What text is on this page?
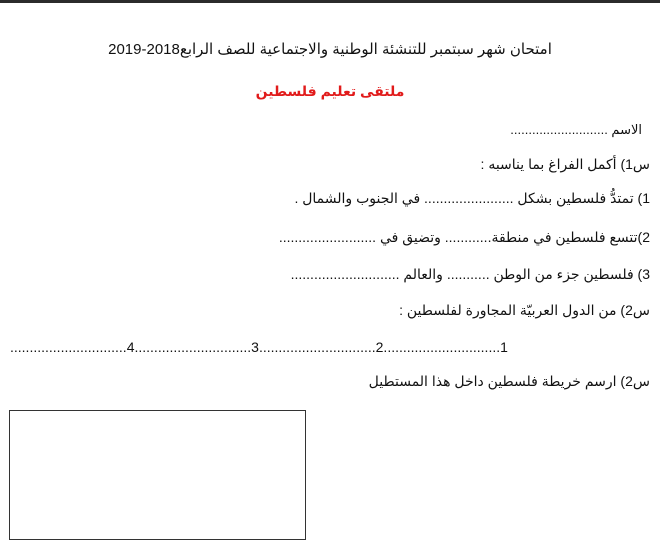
امتحان شهر سبتمبر للتنشئة الوطنية والاجتماعية للصف الرابع2018-2019
ملتقى تعليم فلسطين
الاسم ...........................
س1) أكمل الفراغ بما يناسبه :
1) تمتدُّ فلسطين بشكل ....................... في الجنوب والشمال .
2)تتسع فلسطين في منطقة............ وتضيق في .........................
3) فلسطين جزء من الوطن ........... والعالم ............................
س2) من الدول العربيّة المجاورة لفلسطين :
..............................4..............................3..............................2..............................1
س2) ارسم خريطة فلسطين داخل هذا المستطيل
